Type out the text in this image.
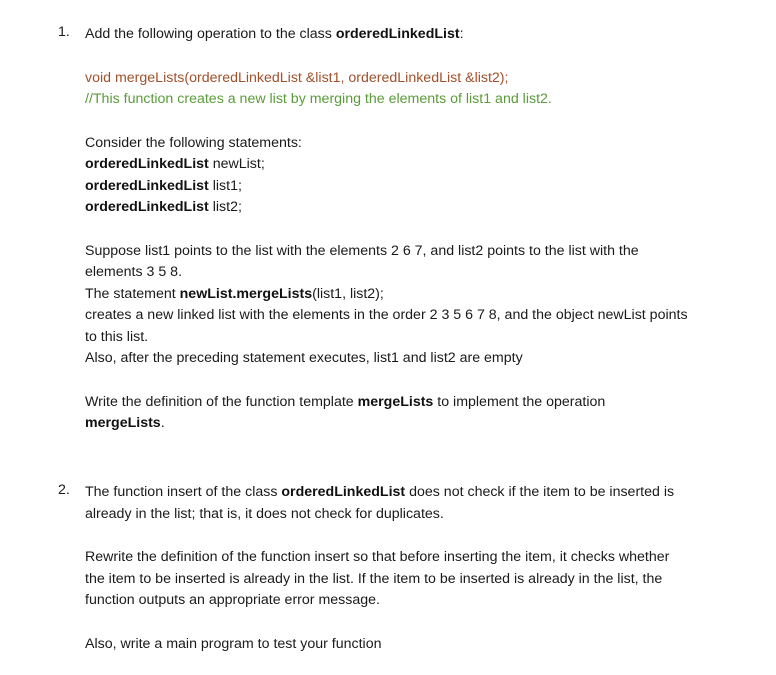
1. Add the following operation to the class orderedLinkedList:
void mergeLists(orderedLinkedList &list1, orderedLinkedList &list2);
//This function creates a new list by merging the elements of list1 and list2.
Consider the following statements:
orderedLinkedList newList;
orderedLinkedList list1;
orderedLinkedList list2;
Suppose list1 points to the list with the elements 2 6 7, and list2 points to the list with the
elements 3 5 8.
The statement newList.mergeLists(list1, list2);
creates a new linked list with the elements in the order 2 3 5 6 7 8, and the object newList points
to this list.
Also, after the preceding statement executes, list1 and list2 are empty
Write the definition of the function template mergeLists to implement the operation
mergeLists.
2. The function insert of the class orderedLinkedList does not check if the item to be inserted is
already in the list; that is, it does not check for duplicates.
Rewrite the definition of the function insert so that before inserting the item, it checks whether
the item to be inserted is already in the list. If the item to be inserted is already in the list, the
function outputs an appropriate error message.
Also, write a main program to test your function
